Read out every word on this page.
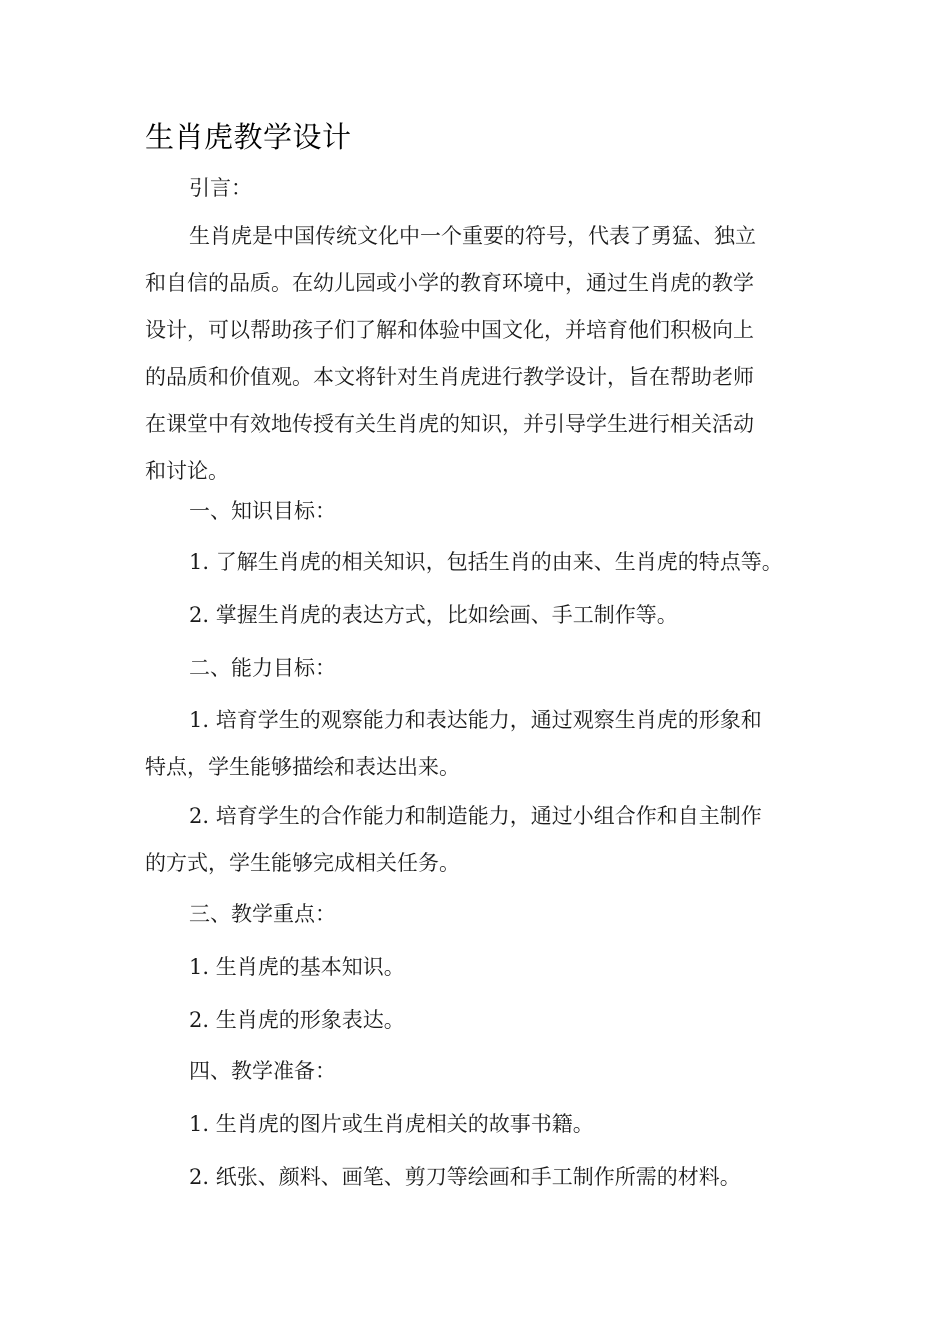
生肖虎教学设计
引言：
生肖虎是中国传统文化中一个重要的符号，代表了勇猛、独立
和自信的品质。在幼儿园或小学的教育环境中，通过生肖虎的教学
设计，可以帮助孩子们了解和体验中国文化，并培育他们积极向上
的品质和价值观。本文将针对生肖虎进行教学设计，旨在帮助老师
在课堂中有效地传授有关生肖虎的知识，并引导学生进行相关活动
和讨论。
一、知识目标：
1. 了解生肖虎的相关知识，包括生肖的由来、生肖虎的特点等。
2. 掌握生肖虎的表达方式，比如绘画、手工制作等。
二、能力目标：
1. 培育学生的观察能力和表达能力，通过观察生肖虎的形象和
特点，学生能够描绘和表达出来。
2. 培育学生的合作能力和制造能力，通过小组合作和自主制作
的方式，学生能够完成相关任务。
三、教学重点：
1. 生肖虎的基本知识。
2. 生肖虎的形象表达。
四、教学准备：
1. 生肖虎的图片或生肖虎相关的故事书籍。
2. 纸张、颜料、画笔、剪刀等绘画和手工制作所需的材料。
